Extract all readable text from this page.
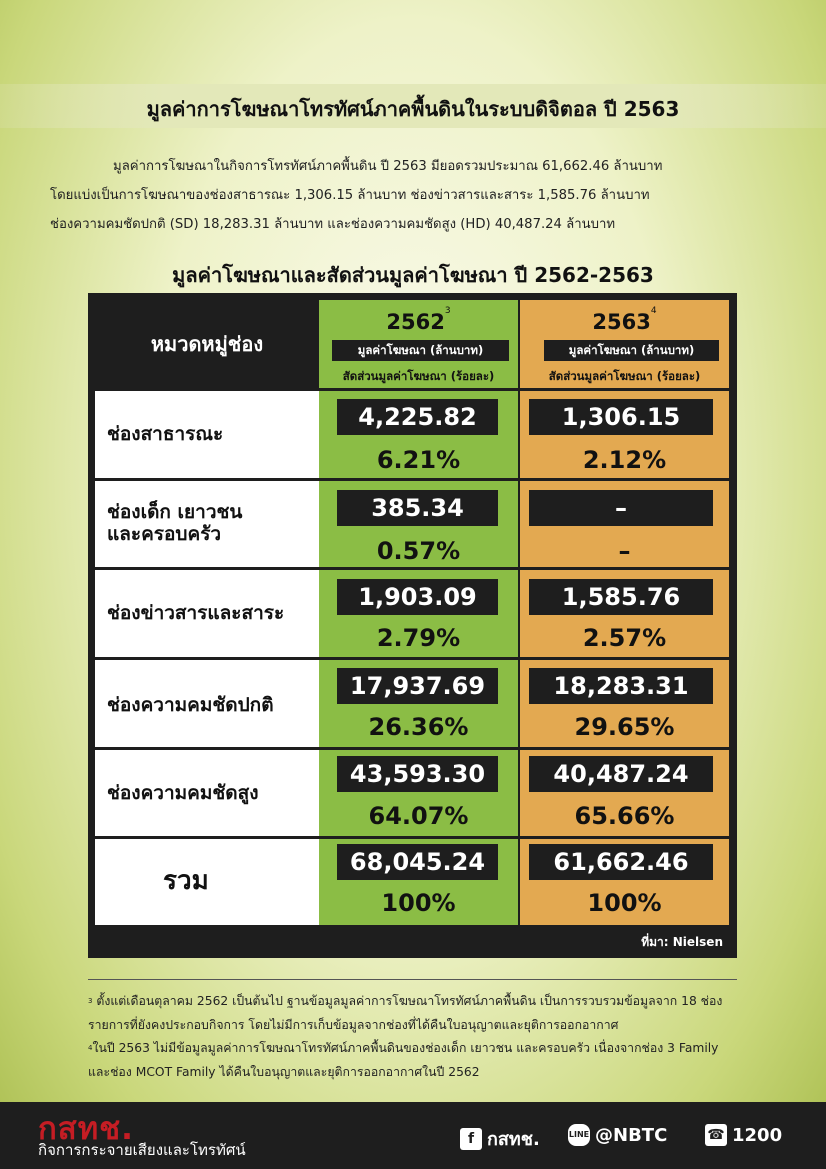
มูลค่าการโฆษณาโทรทัศน์ภาคพื้นดินในระบบดิจิตอล ปี 2563
มูลค่าการโฆษณาในกิจการโทรทัศน์ภาคพื้นดิน ปี 2563 มียอดรวมประมาณ 61,662.46 ล้านบาท
โดยแบ่งเป็นการโฆษณาของช่องสาธารณะ 1,306.15 ล้านบาท ช่องข่าวสารและสาระ 1,585.76 ล้านบาท
ช่องความคมชัดปกติ (SD) 18,283.31 ล้านบาท และช่องความคมชัดสูง (HD) 40,487.24 ล้านบาท
มูลค่าโฆษณาและสัดส่วนมูลค่าโฆษณา ปี 2562-2563
หมวดหมู่ช่อง
2562$^3$
มูลค่าโฆษณา (ล้านบาท)
สัดส่วนมูลค่าโฆษณา (ร้อยละ)
2563$^4$
มูลค่าโฆษณา (ล้านบาท)
สัดส่วนมูลค่าโฆษณา (ร้อยละ)
ช่องสาธารณะ
4,225.82
6.21%
1,306.15
2.12%
ช่องเด็ก เยาวชน
และครอบครัว
385.34
0.57%
–
–
ช่องข่าวสารและสาระ
1,903.09
2.79%
1,585.76
2.57%
ช่องความคมชัดปกติ
17,937.69
26.36%
18,283.31
29.65%
ช่องความคมชัดสูง
43,593.30
64.07%
40,487.24
65.66%
รวม
68,045.24
100%
61,662.46
100%
ที่มา: Nielsen
$^3$ ตั้งแต่เดือนตุลาคม 2562 เป็นต้นไป ฐานข้อมูลมูลค่าการโฆษณาโทรทัศน์ภาคพื้นดิน เป็นการรวบรวมข้อมูลจาก 18 ช่อง
รายการที่ยังคงประกอบกิจการ โดยไม่มีการเก็บข้อมูลจากช่องที่ได้คืนใบอนุญาตและยุติการออกอากาศ
$^4$ในปี 2563 ไม่มีข้อมูลมูลค่าการโฆษณาโทรทัศน์ภาคพื้นดินของช่องเด็ก เยาวชน และครอบครัว เนื่องจากช่อง 3 Family
และช่อง MCOT Family ได้คืนใบอนุญาตและยุติการออกอากาศในปี 2562
กสทช.
กิจการกระจายเสียงและโทรทัศน์
f กสทช.	LINE @NBTC	☎ 1200
